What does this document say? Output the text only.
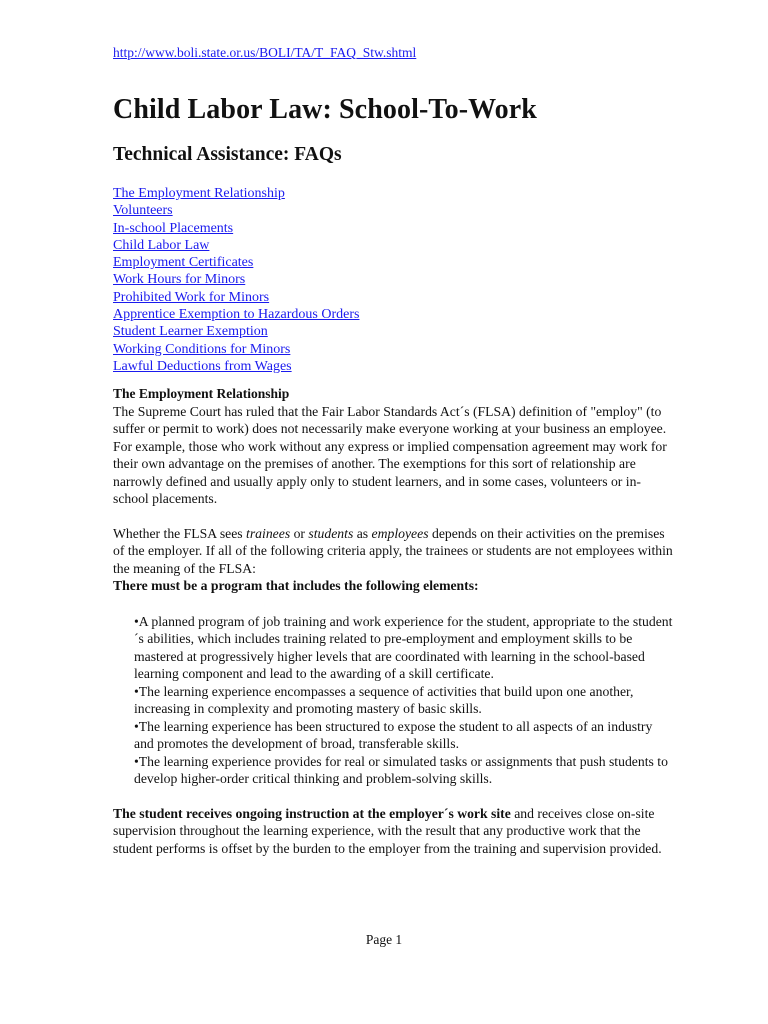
http://www.boli.state.or.us/BOLI/TA/T_FAQ_Stw.shtml
Child Labor Law: School-To-Work
Technical Assistance: FAQs
The Employment Relationship
Volunteers
In-school Placements
Child Labor Law
Employment Certificates
Work Hours for Minors
Prohibited Work for Minors
Apprentice Exemption to Hazardous Orders
Student Learner Exemption
Working Conditions for Minors
Lawful Deductions from Wages
The Employment Relationship

The Supreme Court has ruled that the Fair Labor Standards Act´s (FLSA) definition of "employ" (to suffer or permit to work) does not necessarily make everyone working at your business an employee. For example, those who work without any express or implied compensation agreement may work for their own advantage on the premises of another. The exemptions for this sort of relationship are narrowly defined and usually apply only to student learners, and in some cases, volunteers or in-school placements.

Whether the FLSA sees trainees or students as employees depends on their activities on the premises of the employer. If all of the following criteria apply, the trainees or students are not employees within the meaning of the FLSA:

There must be a program that includes the following elements:

•A planned program of job training and work experience for the student, appropriate to the student´s abilities, which includes training related to pre-employment and employment skills to be mastered at progressively higher levels that are coordinated with learning in the school-based learning component and lead to the awarding of a skill certificate.
•The learning experience encompasses a sequence of activities that build upon one another, increasing in complexity and promoting mastery of basic skills.
•The learning experience has been structured to expose the student to all aspects of an industry and promotes the development of broad, transferable skills.
•The learning experience provides for real or simulated tasks or assignments that push students to develop higher-order critical thinking and problem-solving skills.

The student receives ongoing instruction at the employer´s work site and receives close on-site supervision throughout the learning experience, with the result that any productive work that the student performs is offset by the burden to the employer from the training and supervision provided.

Page 1
